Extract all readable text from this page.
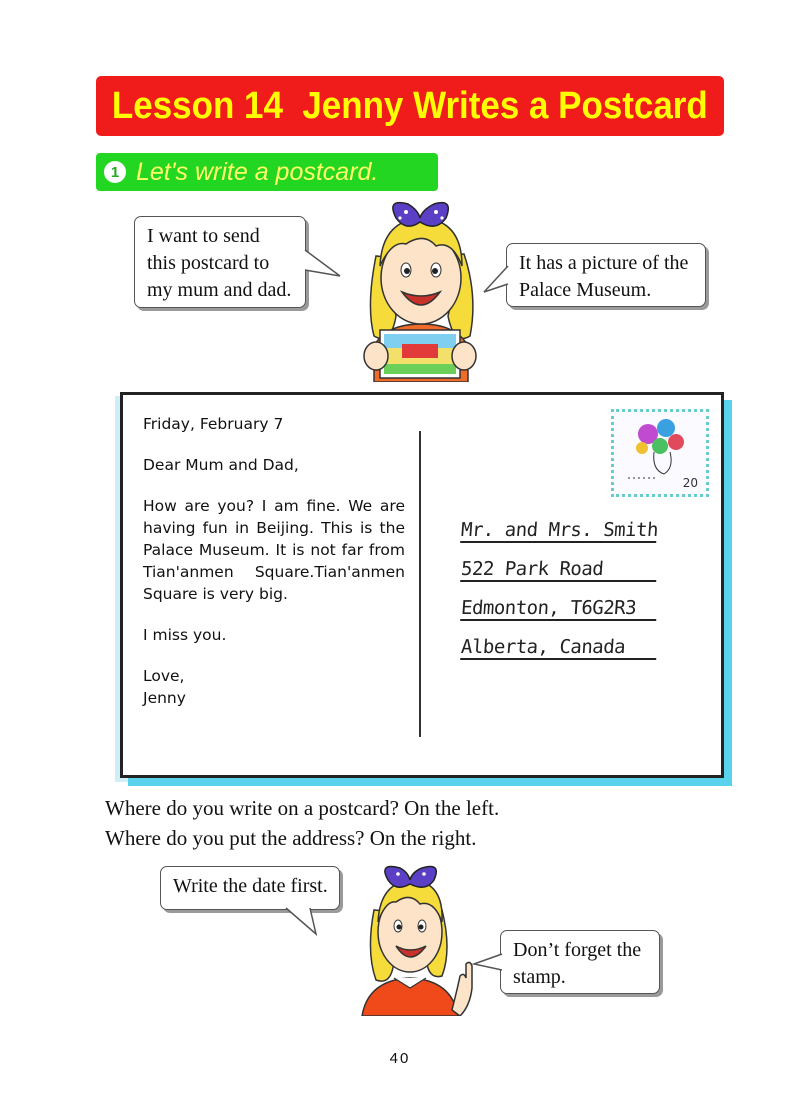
Lesson 14  Jenny Writes a Postcard
1 Let's write a postcard.
I want to send
this postcard to
my mum and dad.
It has a picture of the
Palace Museum.

Friday, February 7

Dear Mum and Dad,

How are you? I am fine. We are having fun in Beijing. This is the Palace Museum. It is not far from Tian'anmen Square.Tian'anmen Square is very big.

I miss you.

Love,

Jenny

20
Mr. and Mrs. Smith
522 Park Road
Edmonton, T6G2R3
Alberta, Canada
Where do you write on a postcard? On the left.
Where do you put the address? On the right.
Write the date first.
Don’t forget the
stamp.
40
